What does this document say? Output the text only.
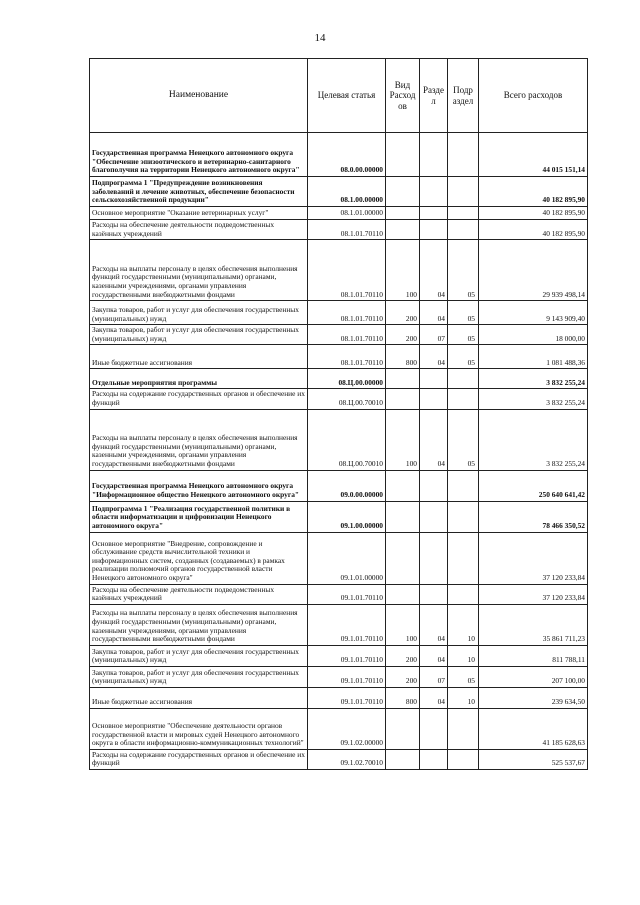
14
Наименование	Целевая статья	Вид Расход ов	Разде л	Подр аздел	Всего расходов
Государственная программа Ненецкого автономного округа "Обеспечение эпизоотического и ветеринарно-санитарного благополучия на территории Ненецкого автономного округа"	08.0.00.00000				44 015 151,14
Подпрограмма 1 "Предупреждение возникновения заболеваний и лечение животных, обеспечение безопасности сельскохозяйственной продукции"	08.1.00.00000				40 182 895,90
Основное мероприятие "Оказание ветеринарных услуг"	08.1.01.00000				40 182 895,90
Расходы на обеспечение деятельности подведомственных казённых учреждений	08.1.01.70110				40 182 895,90
Расходы на выплаты персоналу в целях обеспечения выполнения функций государственными (муниципальными) органами, казенными учреждениями, органами управления государственными внебюджетными фондами	08.1.01.70110	100	04	05	29 939 498,14
Закупка товаров, работ и услуг для обеспечения государственных (муниципальных) нужд	08.1.01.70110	200	04	05	9 143 909,40
Закупка товаров, работ и услуг для обеспечения государственных (муниципальных) нужд	08.1.01.70110	200	07	05	18 000,00
Иные бюджетные ассигнования	08.1.01.70110	800	04	05	1 081 488,36
Отдельные мероприятия программы	08.Ц.00.00000				3 832 255,24
Расходы на содержание государственных органов и обеспечение их функций	08.Ц.00.70010				3 832 255,24
Расходы на выплаты персоналу в целях обеспечения выполнения функций государственными (муниципальными) органами, казенными учреждениями, органами управления государственными внебюджетными фондами	08.Ц.00.70010	100	04	05	3 832 255,24
Государственная программа Ненецкого автономного округа "Информационное общество Ненецкого автономного округа"	09.0.00.00000				250 640 641,42
Подпрограмма 1 "Реализация государственной политики в области информатизации и цифровизации Ненецкого автономного округа"	09.1.00.00000				78 466 350,52
Основное мероприятие "Внедрение, сопровождение и обслуживание средств вычислительной техники и информационных систем, созданных (создаваемых) в рамках реализации полномочий органов государственной власти Ненецкого автономного округа"	09.1.01.00000				37 120 233,84
Расходы на обеспечение деятельности подведомственных казённых учреждений	09.1.01.70110				37 120 233,84
Расходы на выплаты персоналу в целях обеспечения выполнения функций государственными (муниципальными) органами, казенными учреждениями, органами управления государственными внебюджетными фондами	09.1.01.70110	100	04	10	35 861 711,23
Закупка товаров, работ и услуг для обеспечения государственных (муниципальных) нужд	09.1.01.70110	200	04	10	811 788,11
Закупка товаров, работ и услуг для обеспечения государственных (муниципальных) нужд	09.1.01.70110	200	07	05	207 100,00
Иные бюджетные ассигнования	09.1.01.70110	800	04	10	239 634,50
Основное мероприятие "Обеспечение деятельности органов государственной власти и мировых судей Ненецкого автономного округа в области информационно-коммуникационных технологий"	09.1.02.00000				41 185 628,63
Расходы на содержание государственных органов и обеспечение их функций	09.1.02.70010				525 537,67
